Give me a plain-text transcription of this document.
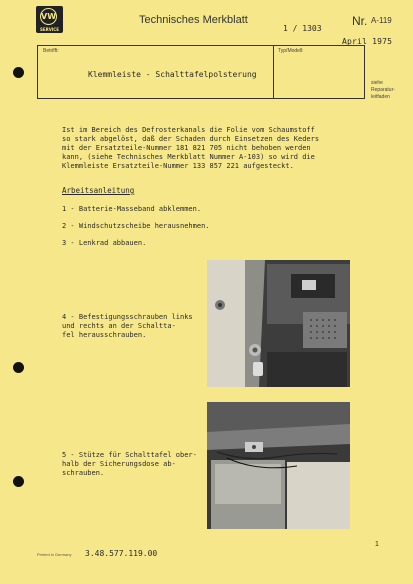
VW
SERVICE
Technisches Merkblatt	Nr. A-119
April 1975
Betrifft:	Typ/Modell:
Klemmleiste - Schalttafelpolsterung
1 / 1303
siehe
Reparatur-
leitfaden
Ist im Bereich des Defrosterkanals die Folie vom Schaumstoff
so stark abgelöst, daß der Schaden durch Einsetzen des Keders
mit der Ersatzteile-Nummer 181 821 705 nicht behoben werden
kann, (siehe Technisches Merkblatt Nummer A-103) so wird die
Klemmleiste Ersatzteile-Nummer 133 857 221 aufgesteckt.
Arbeitsanleitung
1 - Batterie-Masseband abklemmen.
2 - Windschutzscheibe herausnehmen.
3 - Lenkrad abbauen.
4 - Befestigungsschrauben links
und rechts an der Schaltta-
fel herausschrauben.
5 - Stütze für Schalttafel ober-
halb der Sicherungsdose ab-
schrauben.
Printed in Germany 3.48.577.119.00
1
